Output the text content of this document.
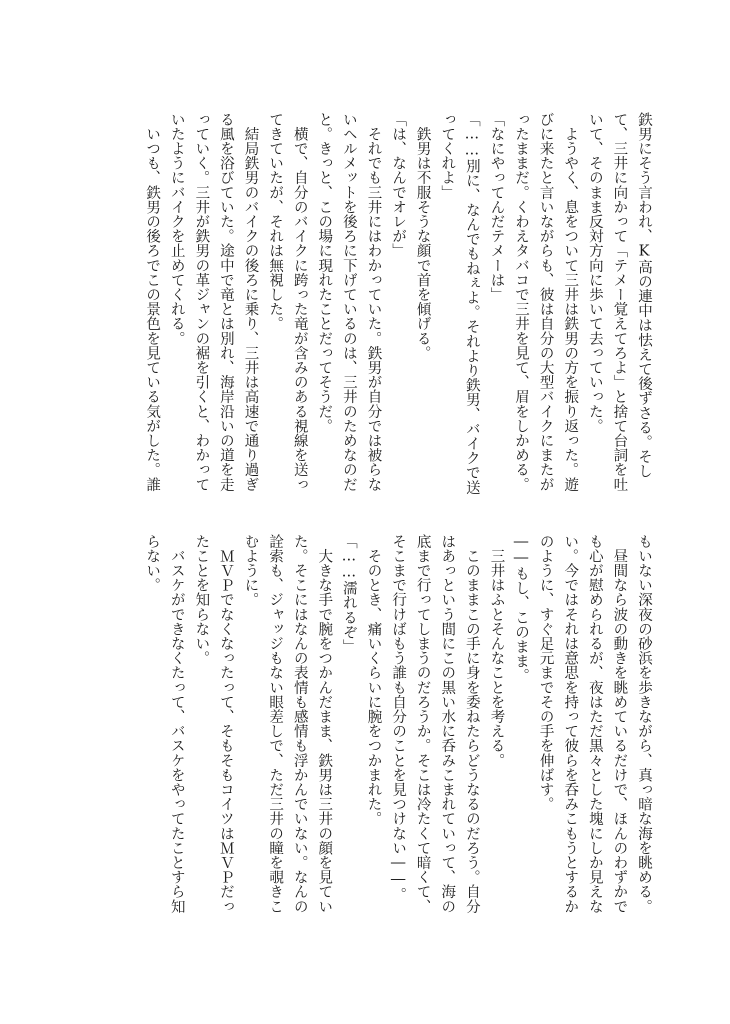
鉄男にそう言われ、K高の連中は怯えて後ずさる。そし
て、三井に向かって「テメー覚えてろよ」と捨て台詞を吐
いて、そのまま反対方向に歩いて去っていった。
　ようやく、息をついて三井は鉄男の方を振り返った。遊
びに来たと言いながらも、彼は自分の大型バイクにまたが
ったままだ。くわえタバコで三井を見て、眉をしかめる。
「なにやってんだテメーは」
「……別に、なんでもねぇよ。それより鉄男、バイクで送
ってくれよ」
　鉄男は不服そうな顔で首を傾げる。
「は、なんでオレが」
　それでも三井にはわかっていた。鉄男が自分では被らな
いヘルメットを後ろに下げているのは、三井のためなのだ
と。きっと、この場に現れたことだってそうだ。
　横で、自分のバイクに跨った竜が含みのある視線を送っ
てきていたが、それは無視した。
　結局鉄男のバイクの後ろに乗り、三井は高速で通り過ぎ
る風を浴びていた。途中で竜とは別れ、海岸沿いの道を走
っていく。三井が鉄男の革ジャンの裾を引くと、わかって
いたようにバイクを止めてくれる。
　いつも、鉄男の後ろでこの景色を見ている気がした。誰
もいない深夜の砂浜を歩きながら、真っ暗な海を眺める。
　昼間なら波の動きを眺めているだけで、ほんのわずかで
も心が慰められるが、夜はただ黒々とした塊にしか見えな
い。今ではそれは意思を持って彼らを呑みこもうとするか
のように、すぐ足元までその手を伸ばす。
――もし、このまま。
　三井はふとそんなことを考える。
　このままこの手に身を委ねたらどうなるのだろう。自分
はあっという間にこの黒い水に呑みこまれていって、海の
底まで行ってしまうのだろうか。そこは冷たくて暗くて、
そこまで行けばもう誰も自分のことを見つけない――。
　そのとき、痛いくらいに腕をつかまれた。
「……濡れるぞ」
　大きな手で腕をつかんだまま、鉄男は三井の顔を見てい
た。そこにはなんの表情も感情も浮かんでいない。なんの
詮索も、ジャッジもない眼差しで、ただ三井の瞳を覗きこ
むように。
　ＭＶＰでなくなったって、そもそもコイツはＭＶＰだっ
たことを知らない。
　バスケができなくたって、バスケをやってたことすら知
らない。
